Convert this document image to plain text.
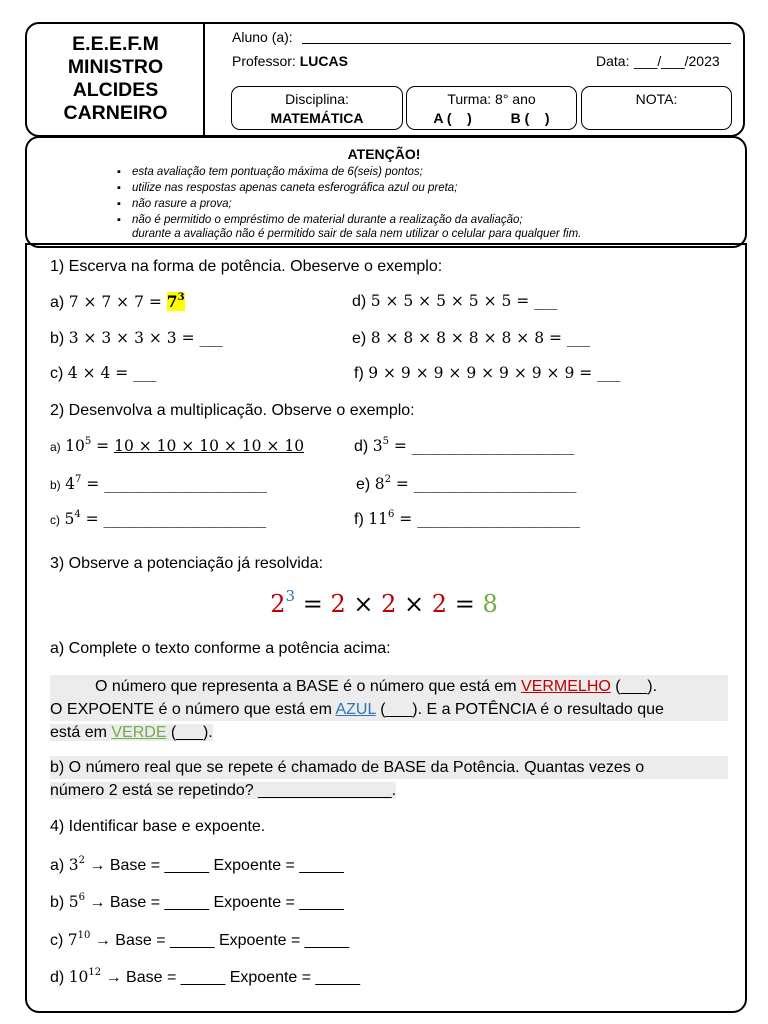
E.E.E.F.M
MINISTRO
ALCIDES
CARNEIRO
Aluno (a):
Professor: LUCAS	Data: ___/___/2023
Disciplina:
MATEMÁTICA
Turma: 8° ano
A (    )          B (    )
NOTA:
ATENÇÃO!
▪ esta avaliação tem pontuação máxima de 6(seis) pontos;
▪ utilize nas respostas apenas caneta esferográfica azul ou preta;
▪ não rasure a prova;
▪ não é permitido o empréstimo de material durante a realização da avaliação;
durante a avaliação não é permitido sair de sala nem utilizar o celular para qualquer fim.
1) Escerva na forma de potência. Obeserve o exemplo:
a) $7 \times 7 \times 7 = 7^3$
b) 3 × 3 × 3 × 3 = ___
c) 4 × 4 = ___
d) 5 × 5 × 5 × 5 × 5 = ___
e) 8 × 8 × 8 × 8 × 8 × 8 = ___
f) 9 × 9 × 9 × 9 × 9 × 9 × 9 = ___
2) Desenvolva a multiplicação. Observe o exemplo:
a) $10^5 = 10 \times 10 \times 10 \times 10 \times 10$
b) $4^7$ = _____________________
c) $5^4$ = _____________________
d) $3^5$ = _____________________
e) $8^2$ = _____________________
f) $11^6$ = _____________________
3) Observe a potenciação já resolvida:
$2^3 = 2 \times 2 \times 2 = 8$
a) Complete o texto conforme a potência acima:
O número que representa a BASE é o número que está em VERMELHO (___).
O EXPOENTE é o número que está em AZUL (___). E a POTÊNCIA é o resultado que
está em VERDE (___).
b) O número real que se repete é chamado de BASE da Potência. Quantas vezes o
número 2 está se repetindo? _______________.
4) Identificar base e expoente.
a) $3^2$ → Base = _____ Expoente = _____
b) $5^6$ → Base = _____ Expoente = _____
c) $7^{10}$ → Base = _____ Expoente = _____
d) $10^{12}$ → Base = _____ Expoente = _____
